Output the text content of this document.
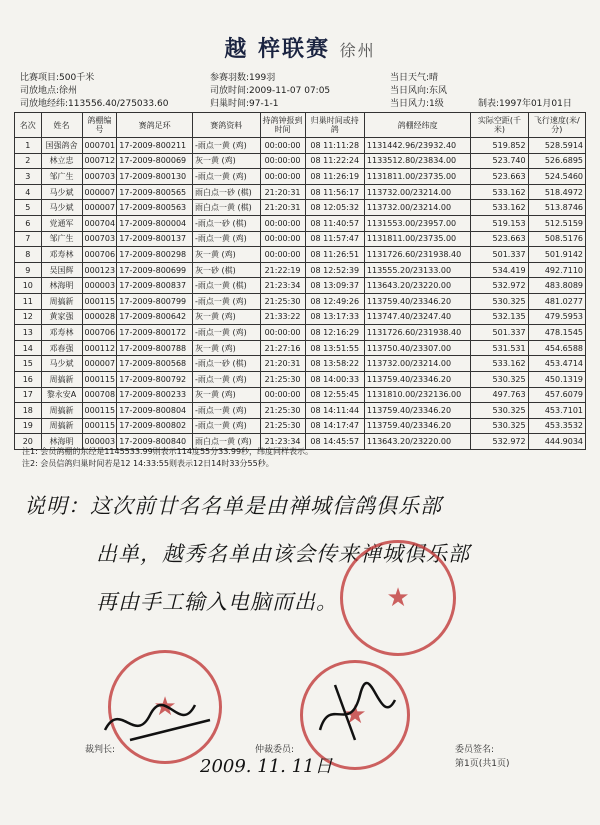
越 梓联赛 徐州
比赛项目:500千米	参赛羽数:199羽	当日天气:晴
司放地点:徐州	司放时间:2009-11-07 07:05	当日风向:东风
司放地经纬:113556.40/275033.60	归巢时间:97-1-1	当日风力:1级	制表:1997年01月01日
名次	姓名	鸽棚编号	赛鸽足环	赛鸽资料	持鸽钟报到时间	归巢时间或持鸽	鸽棚经纬度	实际空距(千米)	飞行速度(米/分)
1	国强鸽舍	000701	17-2009-800211	-雨点一黄 (鸡)	00:00:00	08 11:11:28	1131442.96/23932.40	519.852	528.5914
2	林立忠	000712	17-2009-800069	灰一黄 (鸡)	00:00:00	08 11:22:24	1133512.80/23834.00	523.740	526.6895
3	邹广生	000703	17-2009-800130	-雨点一黄 (鸡)	00:00:00	08 11:26:19	1131811.00/23735.00	523.663	524.5460
4	马少斌	000007	17-2009-800565	雨白点一砂 (棋)	21:20:31	08 11:56:17	113732.00/23214.00	533.162	518.4972
5	马少斌	000007	17-2009-800563	雨白点一黄 (棋)	21:20:31	08 12:05:32	113732.00/23214.00	533.162	513.8746
6	党通军	000704	17-2009-800004	-雨点一砂 (棋)	00:00:00	08 11:40:57	1131553.00/23957.00	519.153	512.5159
7	邹广生	000703	17-2009-800137	-雨点一黄 (鸡)	00:00:00	08 11:57:47	1131811.00/23735.00	523.663	508.5176
8	邓寿林	000706	17-2009-800298	灰一黄 (鸡)	00:00:00	08 11:26:51	1131726.60/231938.40	501.337	501.9142
9	吴国辉	000123	17-2009-800699	灰一砂 (棋)	21:22:19	08 12:52:39	113555.20/23133.00	534.419	492.7110
10	林海明	000003	17-2009-800837	-雨点一黄 (棋)	21:23:34	08 13:09:37	113643.20/23220.00	532.972	483.8089
11	周搞新	000115	17-2009-800799	-雨点一黄 (鸡)	21:25:30	08 12:49:26	113759.40/23346.20	530.325	481.0277
12	黄家强	000028	17-2009-800642	灰一黄 (鸡)	21:33:22	08 13:17:33	113747.40/23247.40	532.135	479.5953
13	邓寿林	000706	17-2009-800172	-雨点一黄 (鸡)	00:00:00	08 12:16:29	1131726.60/231938.40	501.337	478.1545
14	邓春强	000112	17-2009-800788	灰一黄 (鸡)	21:27:16	08 13:51:55	113750.40/23307.00	531.531	454.6588
15	马少斌	000007	17-2009-800568	-雨点一砂 (棋)	21:20:31	08 13:58:22	113732.00/23214.00	533.162	453.4714
16	周搞新	000115	17-2009-800792	-雨点一黄 (鸡)	21:25:30	08 14:00:33	113759.40/23346.20	530.325	450.1319
17	黎永安A	000708	17-2009-800233	灰一黄 (鸡)	00:00:00	08 12:55:45	1131810.00/232136.00	497.763	457.6079
18	周搞新	000115	17-2009-800804	-雨点一黄 (鸡)	21:25:30	08 14:11:44	113759.40/23346.20	530.325	453.7101
19	周搞新	000115	17-2009-800802	-雨点一黄 (鸡)	21:25:30	08 14:17:47	113759.40/23346.20	530.325	453.3532
20	林海明	000003	17-2009-800840	雨白点一黄 (鸡)	21:23:34	08 14:45:57	113643.20/23220.00	532.972	444.9034
注1: 会员鸽棚的东经是1145533.99则表示114度55分33.99秒，纬度同样表示。
注2: 会员信鸽归巢时间若是12 14:33:55则表示12日14时33分55秒。
说明：这次前廿名名单是由禅城信鸽俱乐部
出单，越秀名单由该会传来禅城俱乐部
再由手工输入电脑而出。 ★
★	★
2009. 11. 11日
裁判长:	仲裁委员:	委员签名:
第1页(共1页)
